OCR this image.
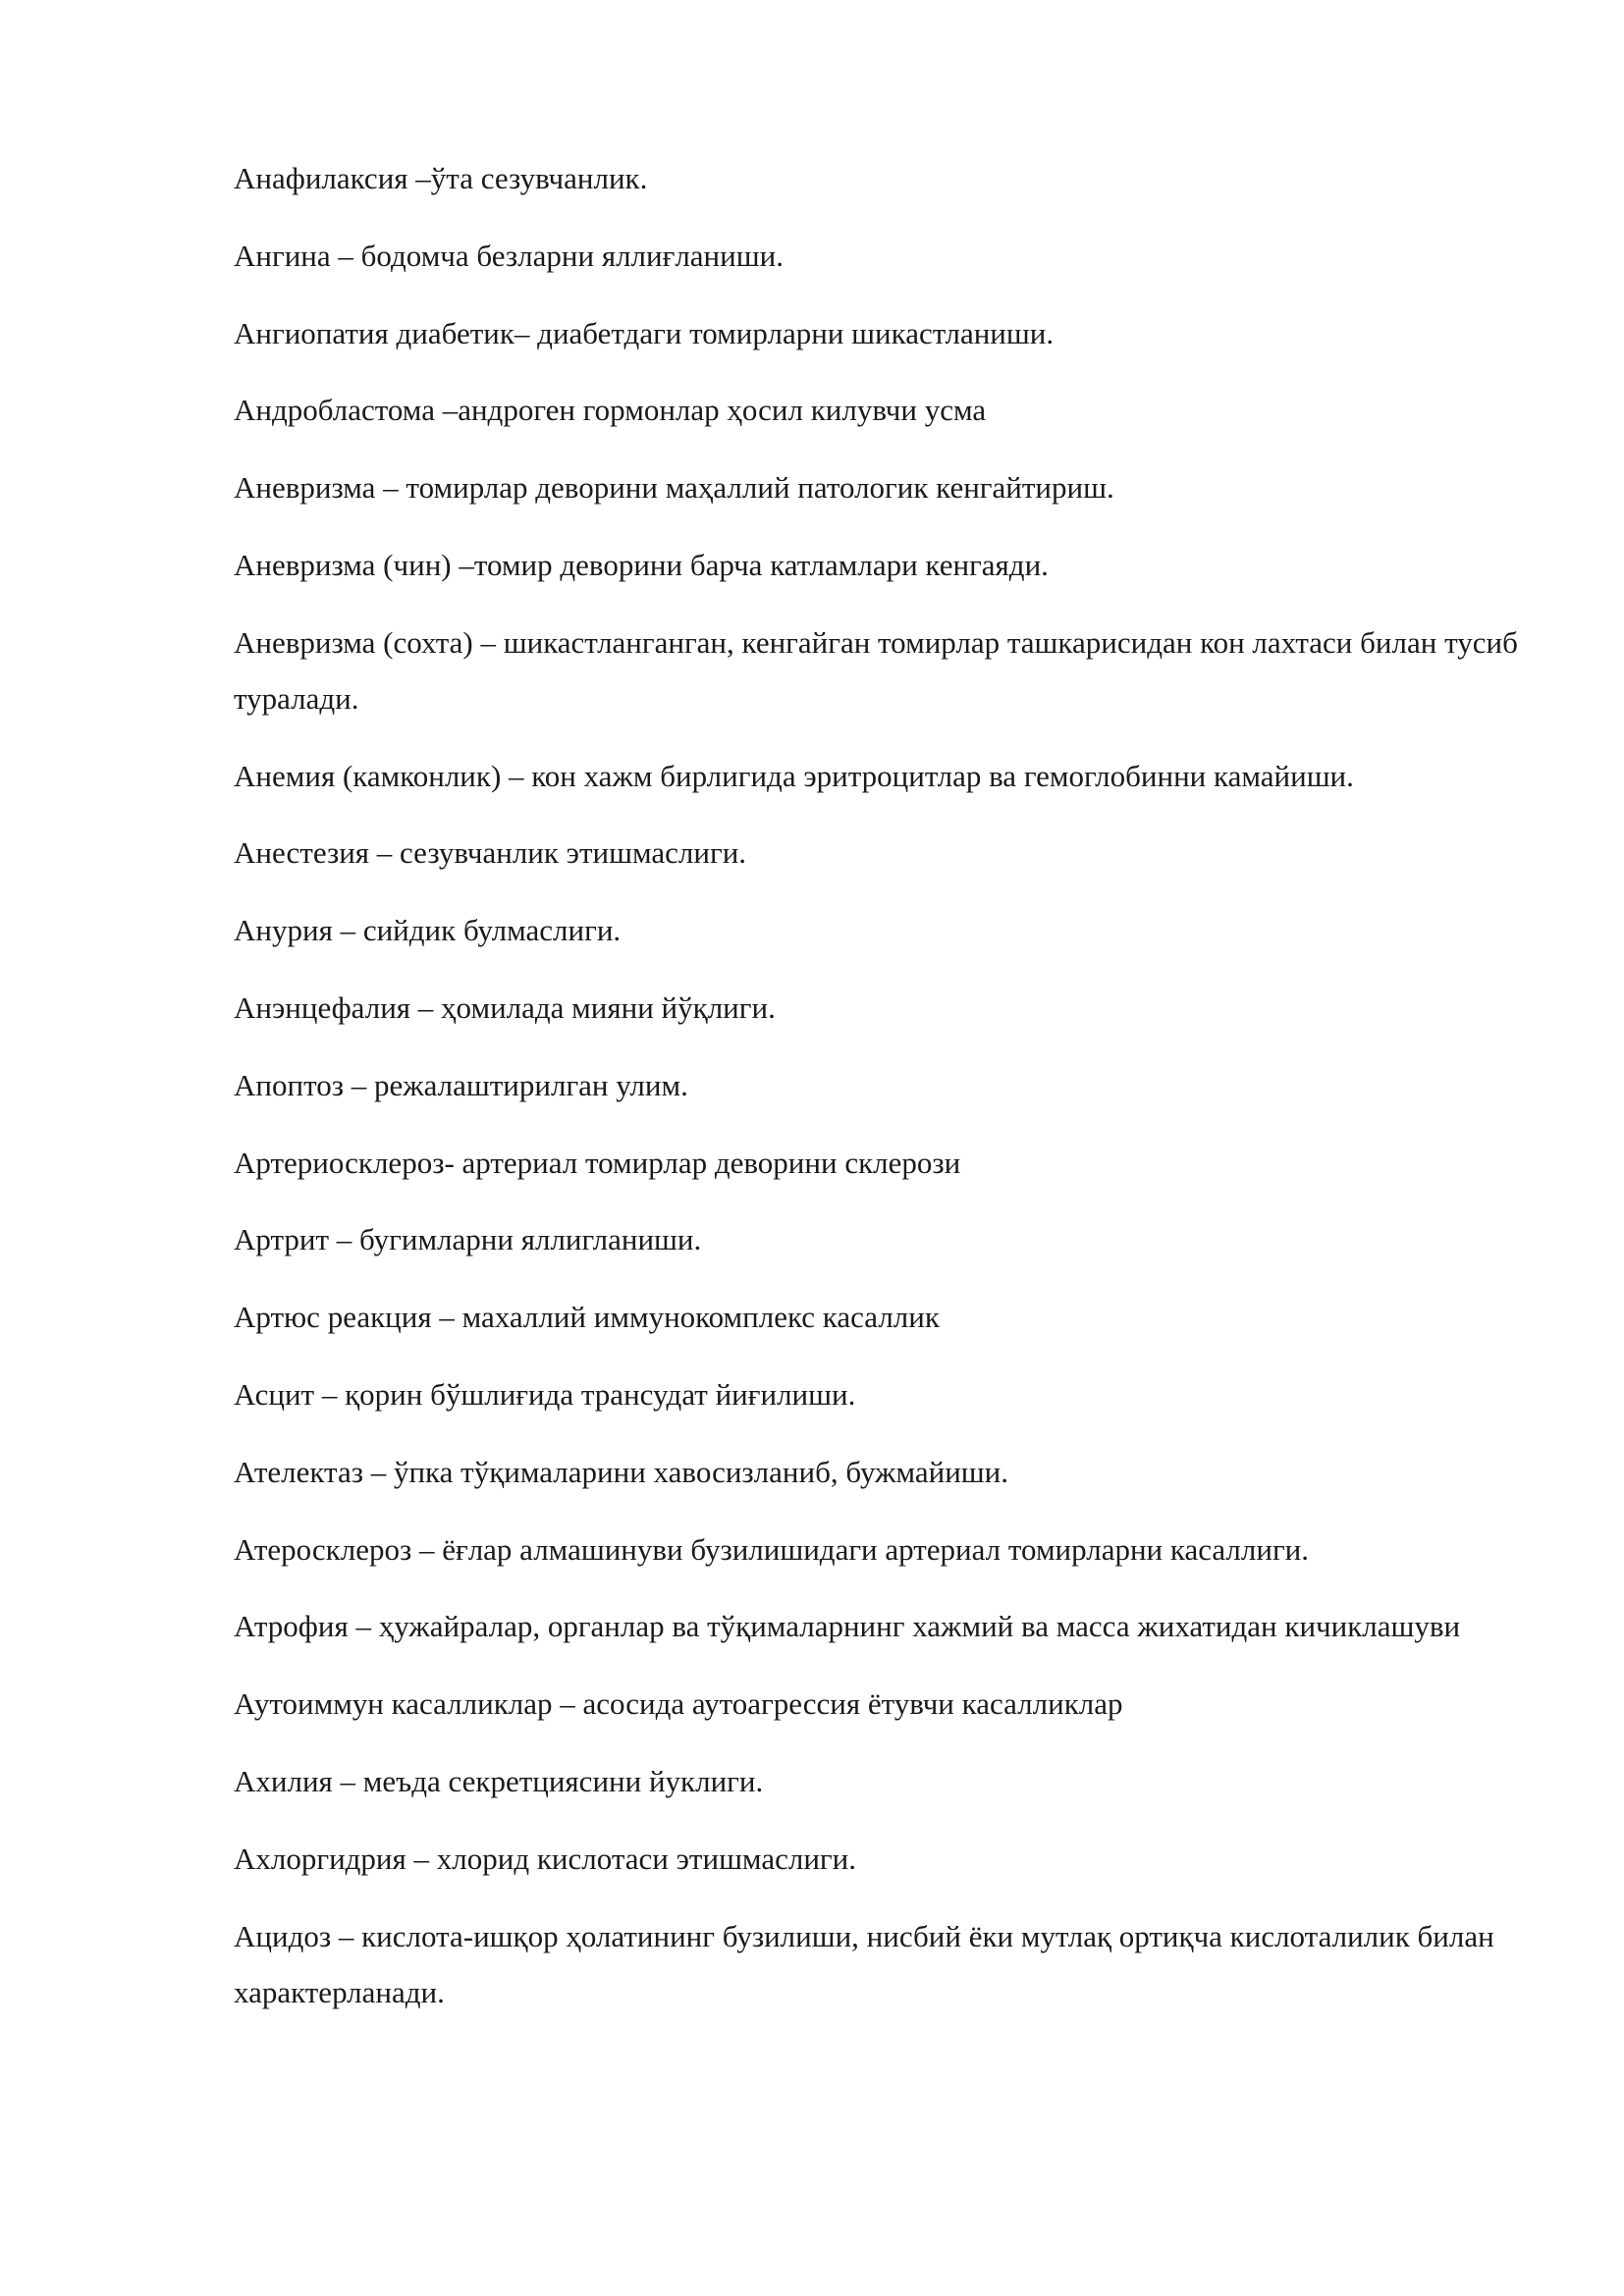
Анафилаксия –ўта сезувчанлик.

Ангина – бодомча безларни яллиғланиши.

Ангиопатия диабетик– диабетдаги томирларни шикастланиши.

Андробластома –андроген гормонлар ҳосил килувчи усма

Аневризма – томирлар деворини маҳаллий патологик кенгайтириш.

Аневризма (чин) –томир деворини барча катламлари кенгаяди.

Аневризма (сохта) – шикастланганган, кенгайган томирлар ташкарисидан кон лахтаси билан тусиб туралади.

Анемия (камконлик) – кон хажм бирлигида эритроцитлар ва гемоглобинни камайиши.

Анестезия – сезувчанлик этишмаслиги.

Анурия – сийдик булмаслиги.

Анэнцефалия – ҳомилада мияни йўқлиги.

Апоптоз – режалаштирилган улим.

Артериосклероз- артериал томирлар деворини склерози

Артрит – бугимларни яллигланиши.

Артюс реакция – махаллий иммунокомплекс касаллик

Асцит – қорин бўшлиғида трансудат йиғилиши.

Ателектаз – ўпка тўқималарини хавосизланиб, бужмайиши.

Атеросклероз – ёғлар алмашинуви бузилишидаги артериал томирларни касаллиги.

Атрофия – ҳужайралар, органлар ва тўқималарнинг хажмий ва масса жихатидан кичиклашуви

Аутоиммун касалликлар – асосида аутоагрессия ётувчи касалликлар

Ахилия – меъда секретциясини йуклиги.

Ахлоргидрия – хлорид кислотаси этишмаслиги.

Ацидоз – кислота-ишқор ҳолатининг бузилиши, нисбий ёки мутлақ ортиқча кислоталилик билан характерланади.
